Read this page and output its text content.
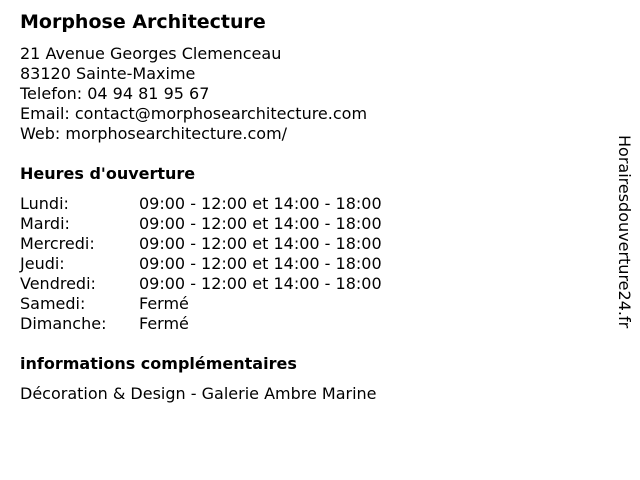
Morphose Architecture
21 Avenue Georges Clemenceau
83120 Sainte-Maxime
Telefon: 04 94 81 95 67
Email: contact@morphosearchitecture.com
Web: morphosearchitecture.com/
Heures d'ouverture
Lundi:	09:00 - 12:00 et 14:00 - 18:00
Mardi:	09:00 - 12:00 et 14:00 - 18:00
Mercredi:	09:00 - 12:00 et 14:00 - 18:00
Jeudi:	09:00 - 12:00 et 14:00 - 18:00
Vendredi:	09:00 - 12:00 et 14:00 - 18:00
Samedi:	Fermé
Dimanche:	Fermé
informations complémentaires
Décoration & Design - Galerie Ambre Marine
Horairesdouverture24.fr
